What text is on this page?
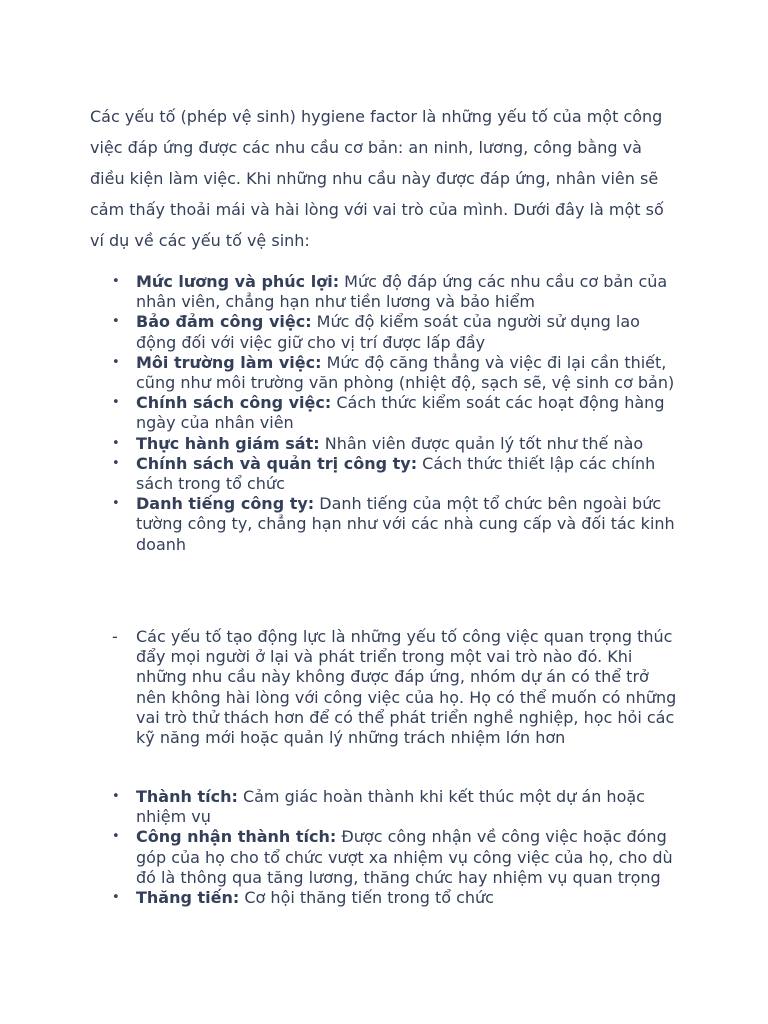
Các yếu tố (phép vệ sinh) hygiene factor là những yếu tố của một công việc đáp ứng được các nhu cầu cơ bản: an ninh, lương, công bằng và điều kiện làm việc. Khi những nhu cầu này được đáp ứng, nhân viên sẽ cảm thấy thoải mái và hài lòng với vai trò của mình. Dưới đây là một số ví dụ về các yếu tố vệ sinh:

• Mức lương và phúc lợi: Mức độ đáp ứng các nhu cầu cơ bản của nhân viên, chẳng hạn như tiền lương và bảo hiểm
• Bảo đảm công việc: Mức độ kiểm soát của người sử dụng lao động đối với việc giữ cho vị trí được lấp đầy
• Môi trường làm việc: Mức độ căng thẳng và việc đi lại cần thiết, cũng như môi trường văn phòng (nhiệt độ, sạch sẽ, vệ sinh cơ bản)
• Chính sách công việc: Cách thức kiểm soát các hoạt động hàng ngày của nhân viên
• Thực hành giám sát: Nhân viên được quản lý tốt như thế nào
• Chính sách và quản trị công ty: Cách thức thiết lập các chính sách trong tổ chức
• Danh tiếng công ty: Danh tiếng của một tổ chức bên ngoài bức tường công ty, chẳng hạn như với các nhà cung cấp và đối tác kinh doanh
- Các yếu tố tạo động lực là những yếu tố công việc quan trọng thúc đẩy mọi người ở lại và phát triển trong một vai trò nào đó. Khi những nhu cầu này không được đáp ứng, nhóm dự án có thể trở nên không hài lòng với công việc của họ. Họ có thể muốn có những vai trò thử thách hơn để có thể phát triển nghề nghiệp, học hỏi các kỹ năng mới hoặc quản lý những trách nhiệm lớn hơn

• Thành tích: Cảm giác hoàn thành khi kết thúc một dự án hoặc nhiệm vụ
• Công nhận thành tích: Được công nhận về công việc hoặc đóng góp của họ cho tổ chức vượt xa nhiệm vụ công việc của họ, cho dù đó là thông qua tăng lương, thăng chức hay nhiệm vụ quan trọng
• Thăng tiến: Cơ hội thăng tiến trong tổ chức
